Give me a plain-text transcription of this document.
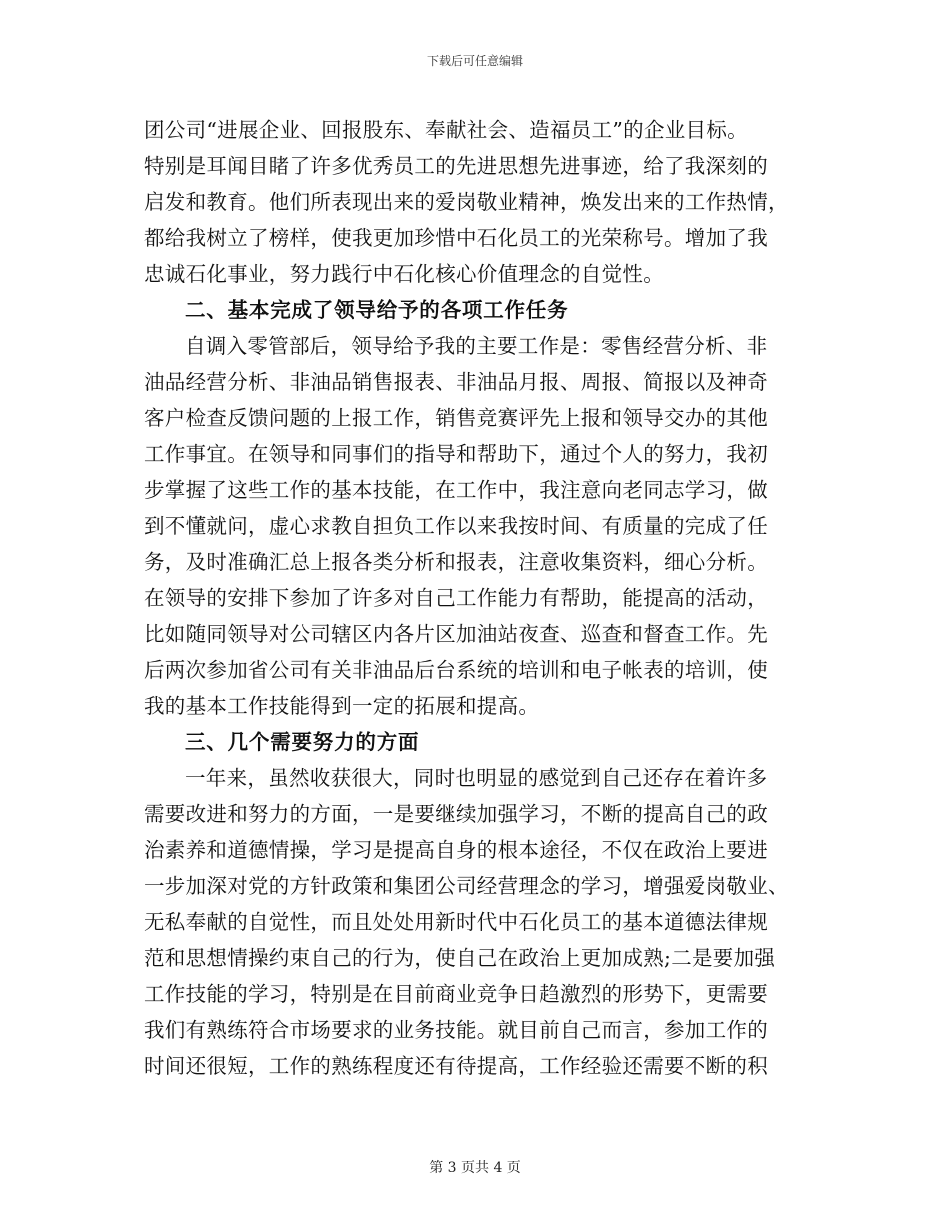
下载后可任意编辑
团公司“进展企业、回报股东、奉献社会、造福员工”的企业目标。
特别是耳闻目睹了许多优秀员工的先进思想先进事迹，给了我深刻的
启发和教育。他们所表现出来的爱岗敬业精神，焕发出来的工作热情，
都给我树立了榜样，使我更加珍惜中石化员工的光荣称号。增加了我
忠诚石化事业，努力践行中石化核心价值理念的自觉性。
二、基本完成了领导给予的各项工作任务
自调入零管部后，领导给予我的主要工作是：零售经营分析、非
油品经营分析、非油品销售报表、非油品月报、周报、简报以及神奇
客户检查反馈问题的上报工作，销售竞赛评先上报和领导交办的其他
工作事宜。在领导和同事们的指导和帮助下，通过个人的努力，我初
步掌握了这些工作的基本技能，在工作中，我注意向老同志学习，做
到不懂就问，虚心求教自担负工作以来我按时间、有质量的完成了任
务，及时准确汇总上报各类分析和报表，注意收集资料，细心分析。
在领导的安排下参加了许多对自己工作能力有帮助，能提高的活动，
比如随同领导对公司辖区内各片区加油站夜查、巡查和督查工作。先
后两次参加省公司有关非油品后台系统的培训和电子帐表的培训，使
我的基本工作技能得到一定的拓展和提高。
三、几个需要努力的方面
一年来，虽然收获很大，同时也明显的感觉到自己还存在着许多
需要改进和努力的方面，一是要继续加强学习，不断的提高自己的政
治素养和道德情操，学习是提高自身的根本途径，不仅在政治上要进
一步加深对党的方针政策和集团公司经营理念的学习，增强爱岗敬业、
无私奉献的自觉性，而且处处用新时代中石化员工的基本道德法律规
范和思想情操约束自己的行为，使自己在政治上更加成熟;二是要加强
工作技能的学习，特别是在目前商业竞争日趋激烈的形势下，更需要
我们有熟练符合市场要求的业务技能。就目前自己而言，参加工作的
时间还很短，工作的熟练程度还有待提高，工作经验还需要不断的积
第 3 页共 4 页
